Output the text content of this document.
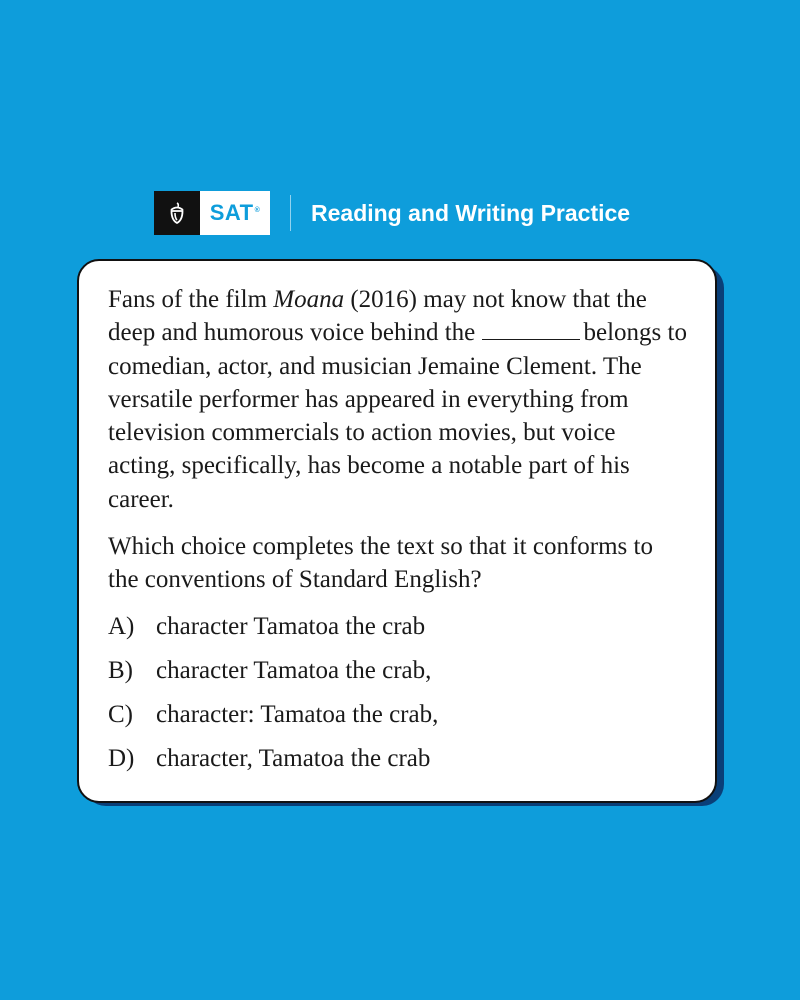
SAT ® Reading and Writing Practice

Fans of the film Moana (2016) may not know that the deep and humorous voice behind the	belongs to comedian, actor, and musician Jemaine Clement. The versatile performer has appeared in everything from television commercials to action movies, but voice acting, specifically, has become a notable part of his career.

Which choice completes the text so that it conforms to the conventions of Standard English?

A) character Tamatoa the crab
B) character Tamatoa the crab,
C) character: Tamatoa the crab,
D) character, Tamatoa the crab
